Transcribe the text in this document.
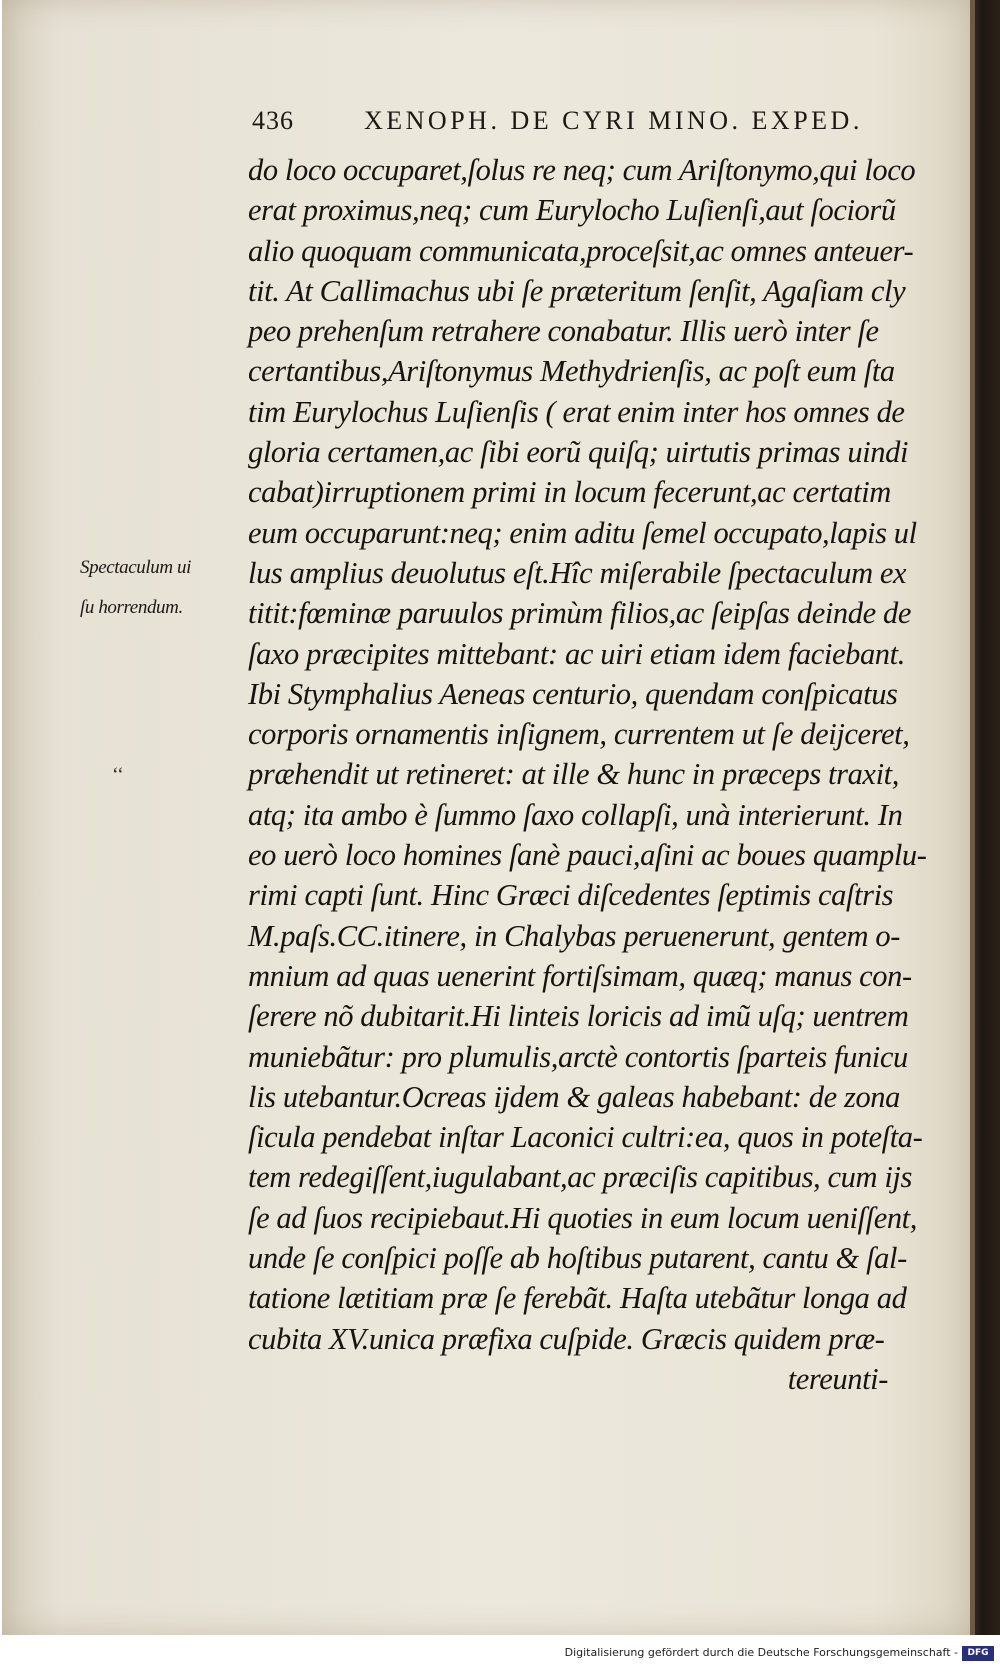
436	XENOPH. DE CYRI MINO. EXPED.
Spectaculum ui
ſu horrendum.
‘‘
do loco occuparet,ſolus re neq; cum Ariſtonymo,qui loco
erat proximus,neq; cum Eurylocho Luſienſi,aut ſociorũ
alio quoquam communicata,proceſsit,ac omnes anteuer-
tit. At Callimachus ubi ſe præteritum ſenſit, Agaſiam cly
peo prehenſum retrahere conabatur. Illis uerò inter ſe
certantibus,Ariſtonymus Methydrienſis, ac poſt eum ſta
tim Eurylochus Luſienſis ( erat enim inter hos omnes de
gloria certamen,ac ſibi eorũ quiſq; uirtutis primas uindi
cabat)irruptionem primi in locum fecerunt,ac certatim
eum occuparunt:neq; enim aditu ſemel occupato,lapis ul
lus amplius deuolutus eſt.Hîc miſerabile ſpectaculum ex
titit:fœminæ paruulos primùm filios,ac ſeipſas deinde de
ſaxo præcipites mittebant: ac uiri etiam idem faciebant.
Ibi Stymphalius Aeneas centurio, quendam conſpicatus
corporis ornamentis inſignem, currentem ut ſe deijceret,
præhendit ut retineret: at ille & hunc in præceps traxit,
atq; ita ambo è ſummo ſaxo collapſi, unà interierunt. In
eo uerò loco homines ſanè pauci,aſini ac boues quamplu-
rimi capti ſunt. Hinc Græci diſcedentes ſeptimis caſtris
M.paſs.CC.itinere, in Chalybas peruenerunt, gentem o-
mnium ad quas uenerint fortiſsimam, quæq; manus con-
ſerere nõ dubitarit.Hi linteis loricis ad imũ uſq; uentrem
muniebãtur: pro plumulis,arctè contortis ſparteis funicu
lis utebantur.Ocreas ijdem & galeas habebant: de zona
ſicula pendebat inſtar Laconici cultri:ea, quos in poteſta-
tem redegiſſent,iugulabant,ac præciſis capitibus, cum ijs
ſe ad ſuos recipiebaut.Hi quoties in eum locum ueniſſent,
unde ſe conſpici poſſe ab hoſtibus putarent, cantu & ſal-
tatione lætitiam præ ſe ferebãt. Haſta utebãtur longa ad
cubita XV.unica præfixa cuſpide. Græcis quidem præ-
tereunti-
Digitalisierung gefördert durch die Deutsche Forschungsgemeinschaft -	DFG
